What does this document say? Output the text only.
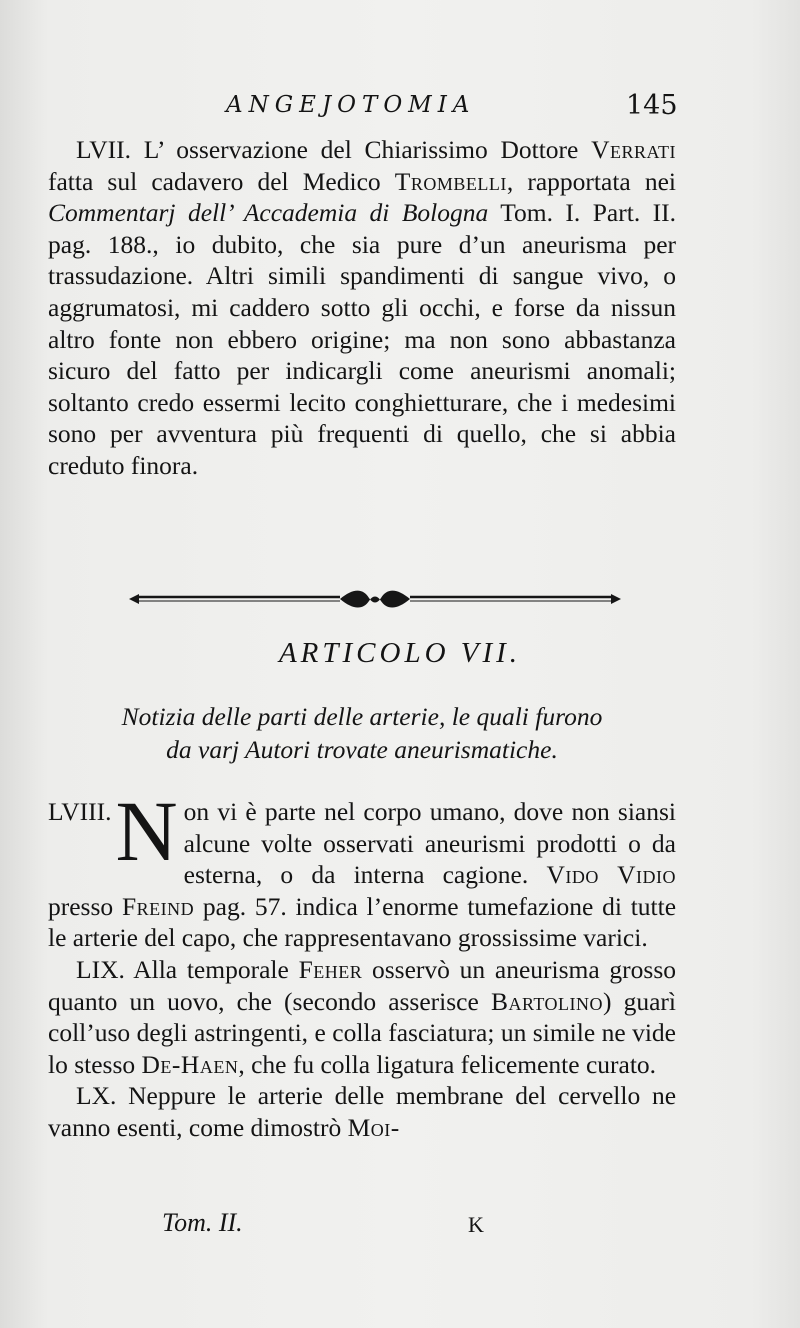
ANGEJOTOMIA	145

LVII. L’ osservazione del Chiarissimo Dottore Verrati fatta sul cadavero del Medico Trombelli, rapportata nei Commentarj dell’ Accademia di Bologna Tom. I. Part. II. pag. 188., io dubito, che sia pure d’un aneurisma per trassudazione. Altri simili spandimenti di sangue vivo, o aggrumatosi, mi caddero sotto gli occhi, e forse da nissun altro fonte non ebbero origine; ma non sono abbastanza sicuro del fatto per indicargli come aneurismi anomali; soltanto credo essermi lecito conghietturare, che i medesimi sono per avventura più frequenti di quello, che si abbia creduto finora.

ARTICOLO VII.
Notizia delle parti delle arterie, le quali furono
da varj Autori trovate aneurismatiche.

LVIII. N on vi è parte nel corpo umano, dove non siansi alcune volte osservati aneurismi prodotti o da esterna, o da interna cagione. Vido Vidio presso Freind pag. 57. indica l’enorme tumefazione di tutte le arterie del capo, che rappresentavano grossissime varici.

LIX. Alla temporale Feher osservò un aneurisma grosso quanto un uovo, che (secondo asserisce Bartolino) guarì coll’uso degli astringenti, e colla fasciatura; un simile ne vide lo stesso De-Haen, che fu colla ligatura felicemente curato.

LX. Neppure le arterie delle membrane del cervello ne vanno esenti, come dimostrò Moi-

Tom. II.	K
